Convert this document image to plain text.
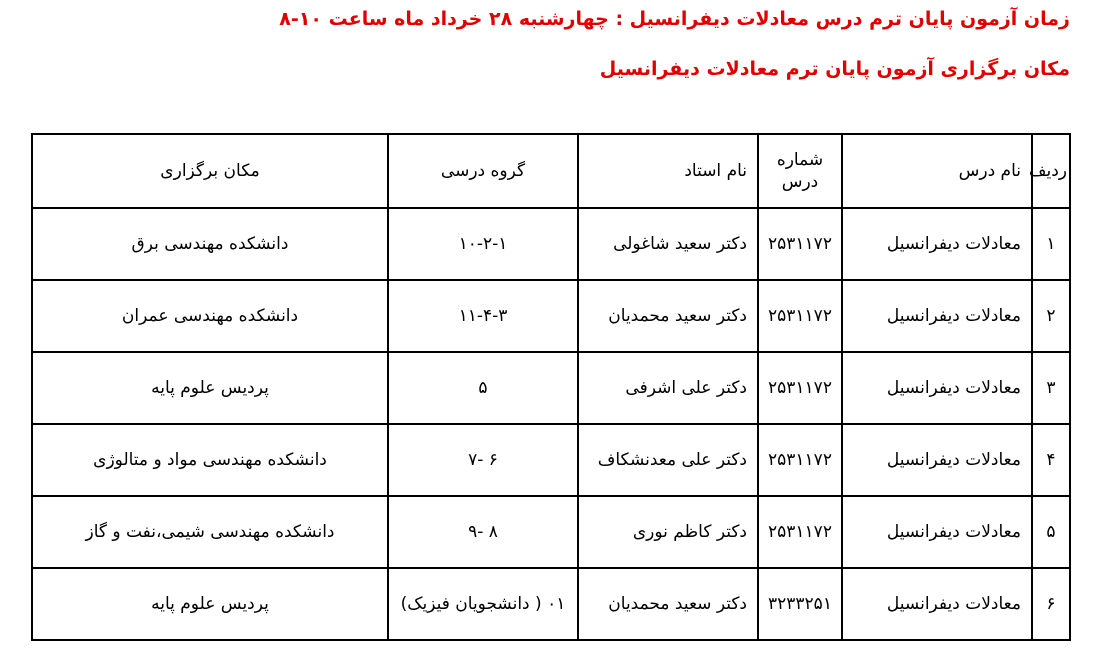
زمان آزمون پایان ترم درس معادلات دیفرانسیل : چهارشنبه ۲۸ خرداد ماه ساعت ۱۰-۸
مکان برگزاری آزمون پایان ترم معادلات دیفرانسیل
ردیف	نام درس	شماره درس	نام استاد	گروه درسی	مکان برگزاری
۱	معادلات دیفرانسیل	۲۵۳۱۱۷۲	دکتر سعید شاغولی	۱۰-۲-۱	دانشکده مهندسی برق
۲	معادلات دیفرانسیل	۲۵۳۱۱۷۲	دکتر سعید محمدیان	۱۱-۴-۳	دانشکده مهندسی عمران
۳	معادلات دیفرانسیل	۲۵۳۱۱۷۲	دکتر علی اشرفی	۵	پردیس علوم پایه
۴	معادلات دیفرانسیل	۲۵۳۱۱۷۲	دکتر علی معدنشکاف	۶ -۷	دانشکده مهندسی مواد و متالوژی
۵	معادلات دیفرانسیل	۲۵۳۱۱۷۲	دکتر کاظم نوری	۸ -۹	دانشکده مهندسی شیمی،نفت و گاز
۶	معادلات دیفرانسیل	۳۲۳۳۲۵۱	دکتر سعید محمدیان	۰۱ ( دانشجویان فیزیک)	پردیس علوم پایه
